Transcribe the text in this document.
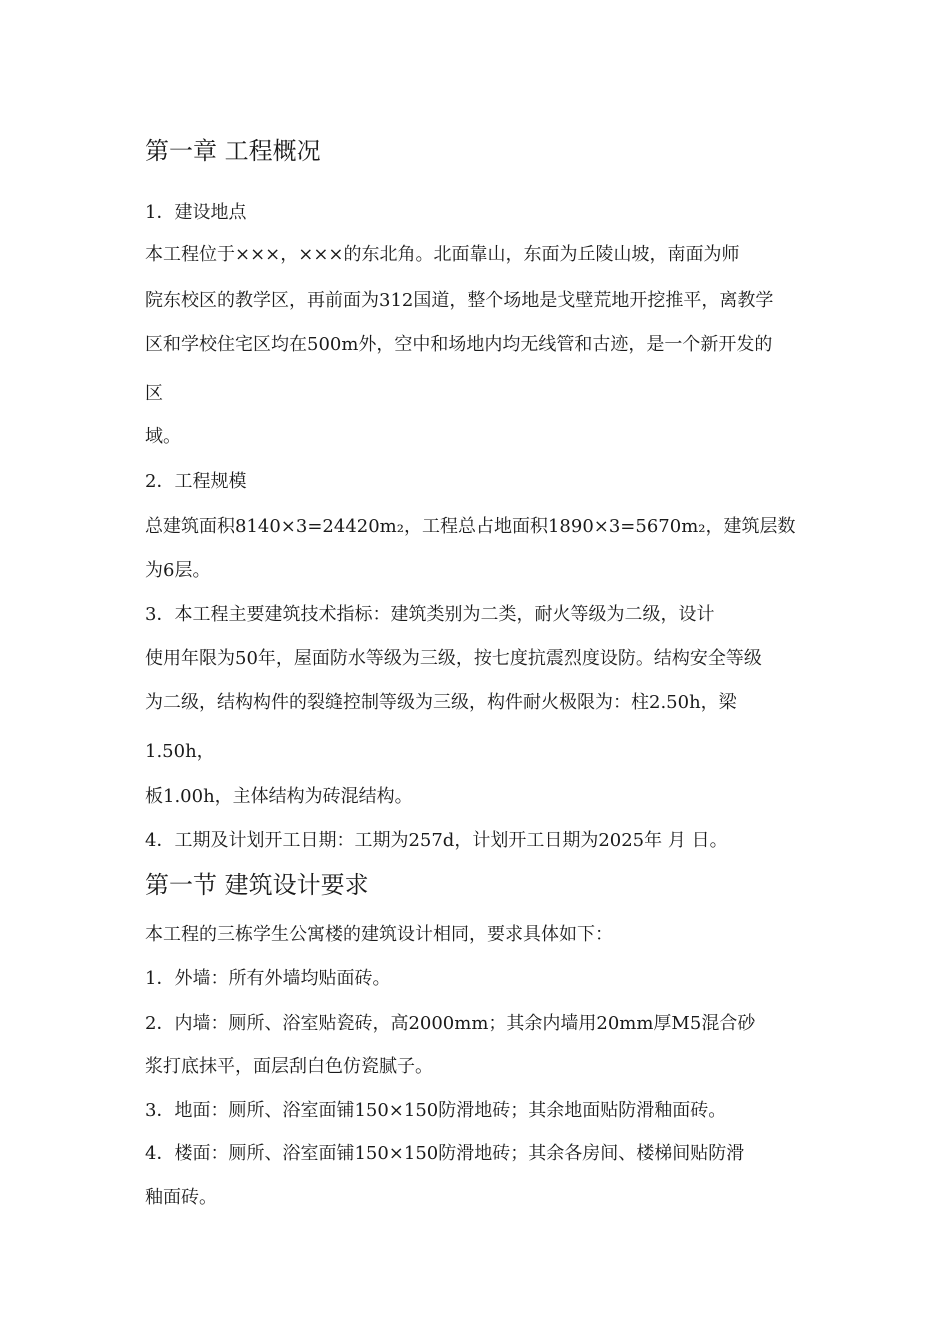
第一章 工程概况
1．建设地点
本工程位于×××，×××的东北角。北面靠山，东面为丘陵山坡，南面为师
院东校区的教学区，再前面为312国道，整个场地是戈壁荒地开挖推平，离教学
区和学校住宅区均在500m外，空中和场地内均无线管和古迹，是一个新开发的
区
域。
2．工程规模
总建筑面积8140×3=24420m₂，工程总占地面积1890×3=5670m₂，建筑层数
为6层。
3．本工程主要建筑技术指标：建筑类别为二类，耐火等级为二级，设计
使用年限为50年，屋面防水等级为三级，按七度抗震烈度设防。结构安全等级
为二级，结构构件的裂缝控制等级为三级，构件耐火极限为：柱2.50h，梁
1.50h，
板1.00h，主体结构为砖混结构。
4．工期及计划开工日期：工期为257d，计划开工日期为2025年 月 日。
第一节 建筑设计要求
本工程的三栋学生公寓楼的建筑设计相同，要求具体如下：
1．外墙：所有外墙均贴面砖。
2．内墙：厕所、浴室贴瓷砖，高2000mm；其余内墙用20mm厚M5混合砂
浆打底抹平，面层刮白色仿瓷腻子。
3．地面：厕所、浴室面铺150×150防滑地砖；其余地面贴防滑釉面砖。
4．楼面：厕所、浴室面铺150×150防滑地砖；其余各房间、楼梯间贴防滑
釉面砖。
